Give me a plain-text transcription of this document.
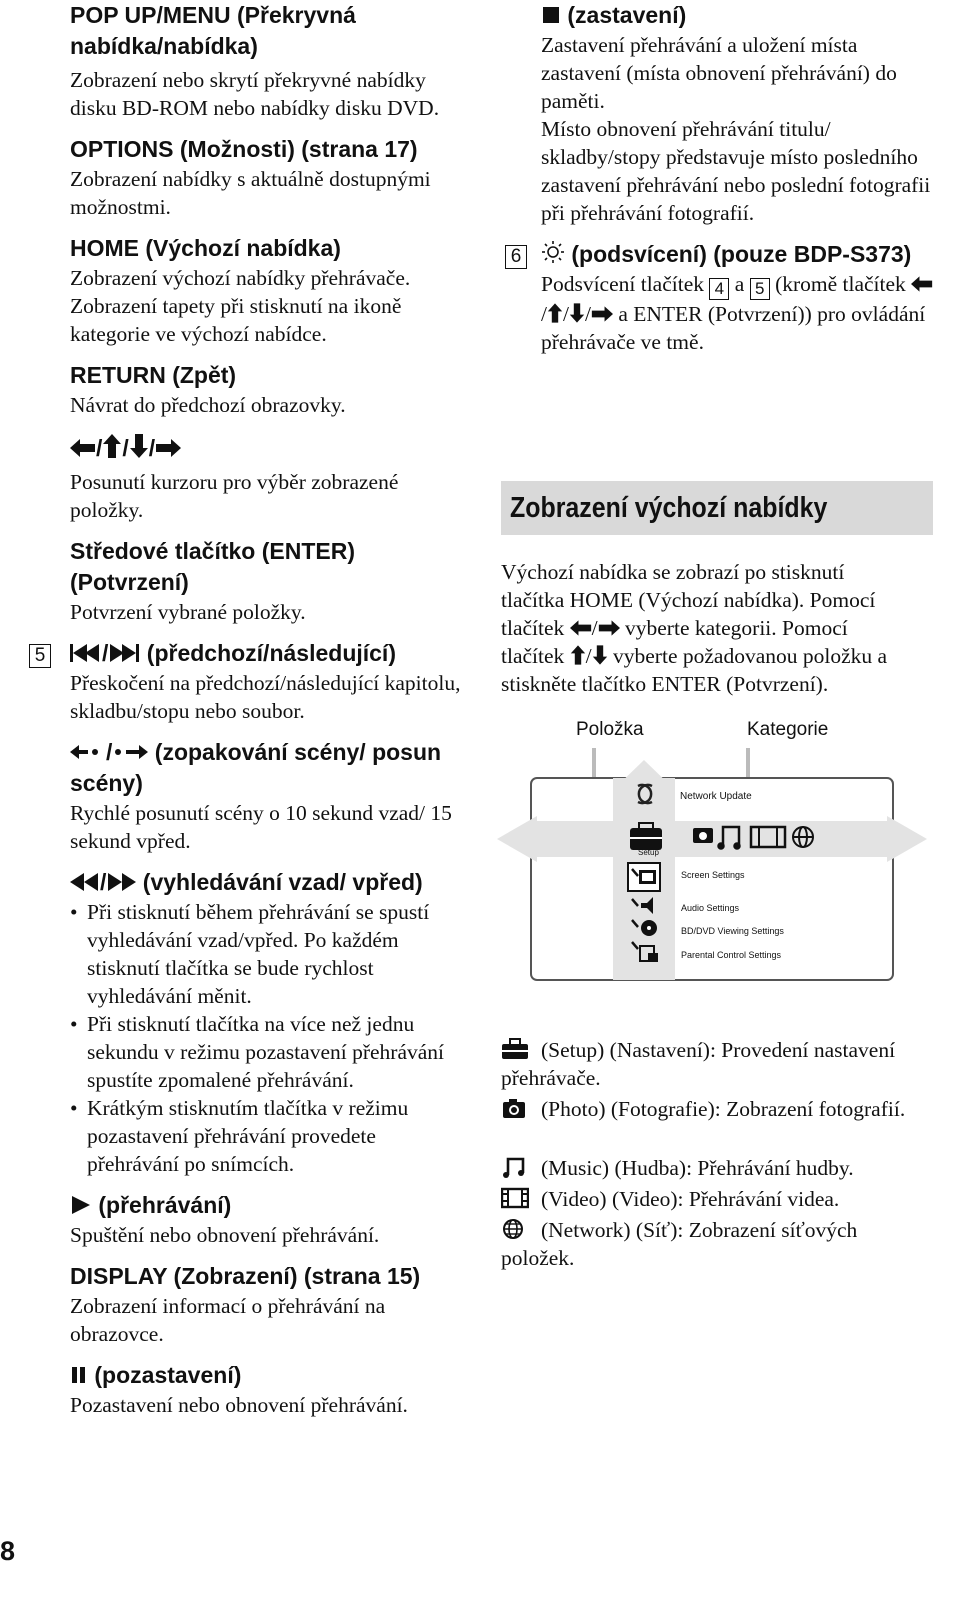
POP UP/MENU (Překryvná nabídka/nabídka)

Zobrazení nebo skrytí překryvné nabídky disku BD-ROM nebo nabídky disku DVD.

OPTIONS (Možnosti) (strana 17)

Zobrazení nabídky s aktuálně dostupnými možnostmi.

HOME (Výchozí nabídka)

Zobrazení výchozí nabídky přehrávače. Zobrazení tapety při stisknutí na ikoně kategorie ve výchozí nabídce.

RETURN (Zpět)

Návrat do předchozí obrazovky.

/ / /

Posunutí kurzoru pro výběr zobrazené položky.

Středové tlačítko (ENTER) (Potvrzení)

Potvrzení vybrané položky.

5	/ (předchozí/následující)

Přeskočení na předchozí/následující kapitolu, skladbu/stopu nebo soubor.

/ (zopakování scény/ posun scény)

Rychlé posunutí scény o 10 sekund vzad/ 15 sekund vpřed.

/ (vyhledávání vzad/ vpřed)

• Při stisknutí během přehrávání se spustí vyhledávání vzad/vpřed. Po každém stisknutí tlačítka se bude rychlost vyhledávání měnit.
• Při stisknutí tlačítka na více než jednu sekundu v režimu pozastavení přehrávání spustíte zpomalené přehrávání.
• Krátkým stisknutím tlačítka v režimu pozastavení přehrávání provedete přehrávání po snímcích.

(přehrávání)

Spuštění nebo obnovení přehrávání.

DISPLAY (Zobrazení) (strana 15)

Zobrazení informací o přehrávání na obrazovce.

(pozastavení)

Pozastavení nebo obnovení přehrávání.

(zastavení)

Zastavení přehrávání a uložení místa zastavení (místa obnovení přehrávání) do paměti.

Místo obnovení přehrávání titulu/ skladby/stopy představuje místo posledního zastavení přehrávání nebo poslední fotografii při přehrávání fotografií.

6	(podsvícení) (pouze BDP-S373)

Podsvícení tlačítek 4 a 5 (kromě tlačítek / / / a ENTER (Potvrzení)) pro ovládání přehrávače ve tmě.

Zobrazení výchozí nabídky

Výchozí nabídka se zobrazí po stisknutí tlačítka HOME (Výchozí nabídka). Pomocí tlačítek / vyberte kategorii. Pomocí tlačítek / vyberte požadovanou položku a stiskněte tlačítko ENTER (Potvrzení).

Položka	Kategorie
Network Update
Setup
Screen Settings
Audio Settings
BD/DVD Viewing Settings
Parental Control Settings
(Setup) (Nastavení): Provedení nastavení přehrávače.
(Photo) (Fotografie): Zobrazení fotografií.
(Music) (Hudba): Přehrávání hudby.
(Video) (Video): Přehrávání videa.
(Network) (Síť): Zobrazení síťových položek.
8
